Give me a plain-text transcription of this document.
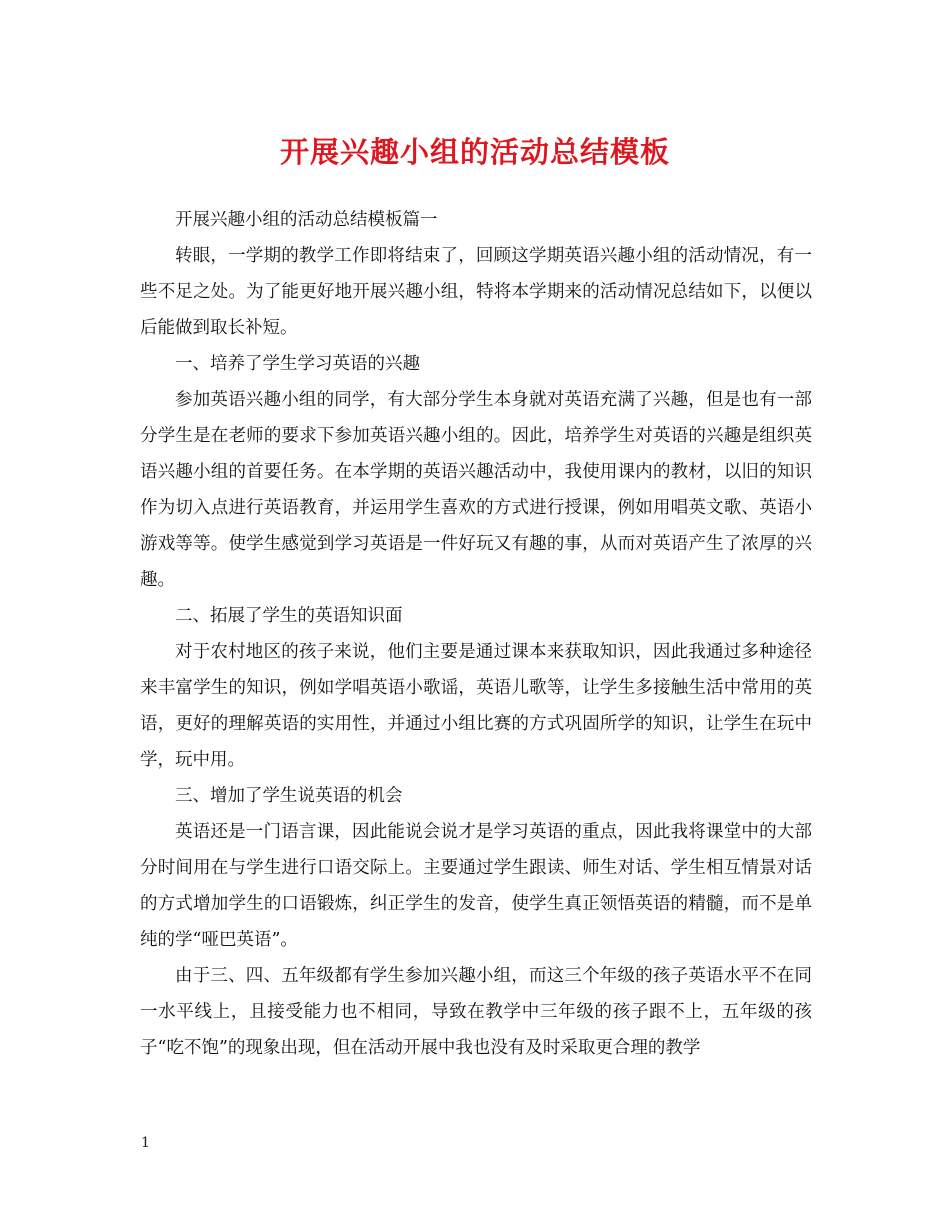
开展兴趣小组的活动总结模板

开展兴趣小组的活动总结模板篇一

转眼，一学期的教学工作即将结束了，回顾这学期英语兴趣小组的活动情况，有一些不足之处。为了能更好地开展兴趣小组，特将本学期来的活动情况总结如下，以便以后能做到取长补短。

一、培养了学生学习英语的兴趣

参加英语兴趣小组的同学，有大部分学生本身就对英语充满了兴趣，但是也有一部分学生是在老师的要求下参加英语兴趣小组的。因此，培养学生对英语的兴趣是组织英语兴趣小组的首要任务。在本学期的英语兴趣活动中，我使用课内的教材，以旧的知识作为切入点进行英语教育，并运用学生喜欢的方式进行授课，例如用唱英文歌、英语小游戏等等。使学生感觉到学习英语是一件好玩又有趣的事，从而对英语产生了浓厚的兴趣。

二、拓展了学生的英语知识面

对于农村地区的孩子来说，他们主要是通过课本来获取知识，因此我通过多种途径来丰富学生的知识，例如学唱英语小歌谣，英语儿歌等，让学生多接触生活中常用的英语，更好的理解英语的实用性，并通过小组比赛的方式巩固所学的知识，让学生在玩中学，玩中用。

三、增加了学生说英语的机会

英语还是一门语言课，因此能说会说才是学习英语的重点，因此我将课堂中的大部分时间用在与学生进行口语交际上。主要通过学生跟读、师生对话、学生相互情景对话的方式增加学生的口语锻炼，纠正学生的发音，使学生真正领悟英语的精髓，而不是单纯的学“哑巴英语”。

由于三、四、五年级都有学生参加兴趣小组，而这三个年级的孩子英语水平不在同一水平线上，且接受能力也不相同，导致在教学中三年级的孩子跟不上，五年级的孩子“吃不饱”的现象出现，但在活动开展中我也没有及时采取更合理的教学

1
